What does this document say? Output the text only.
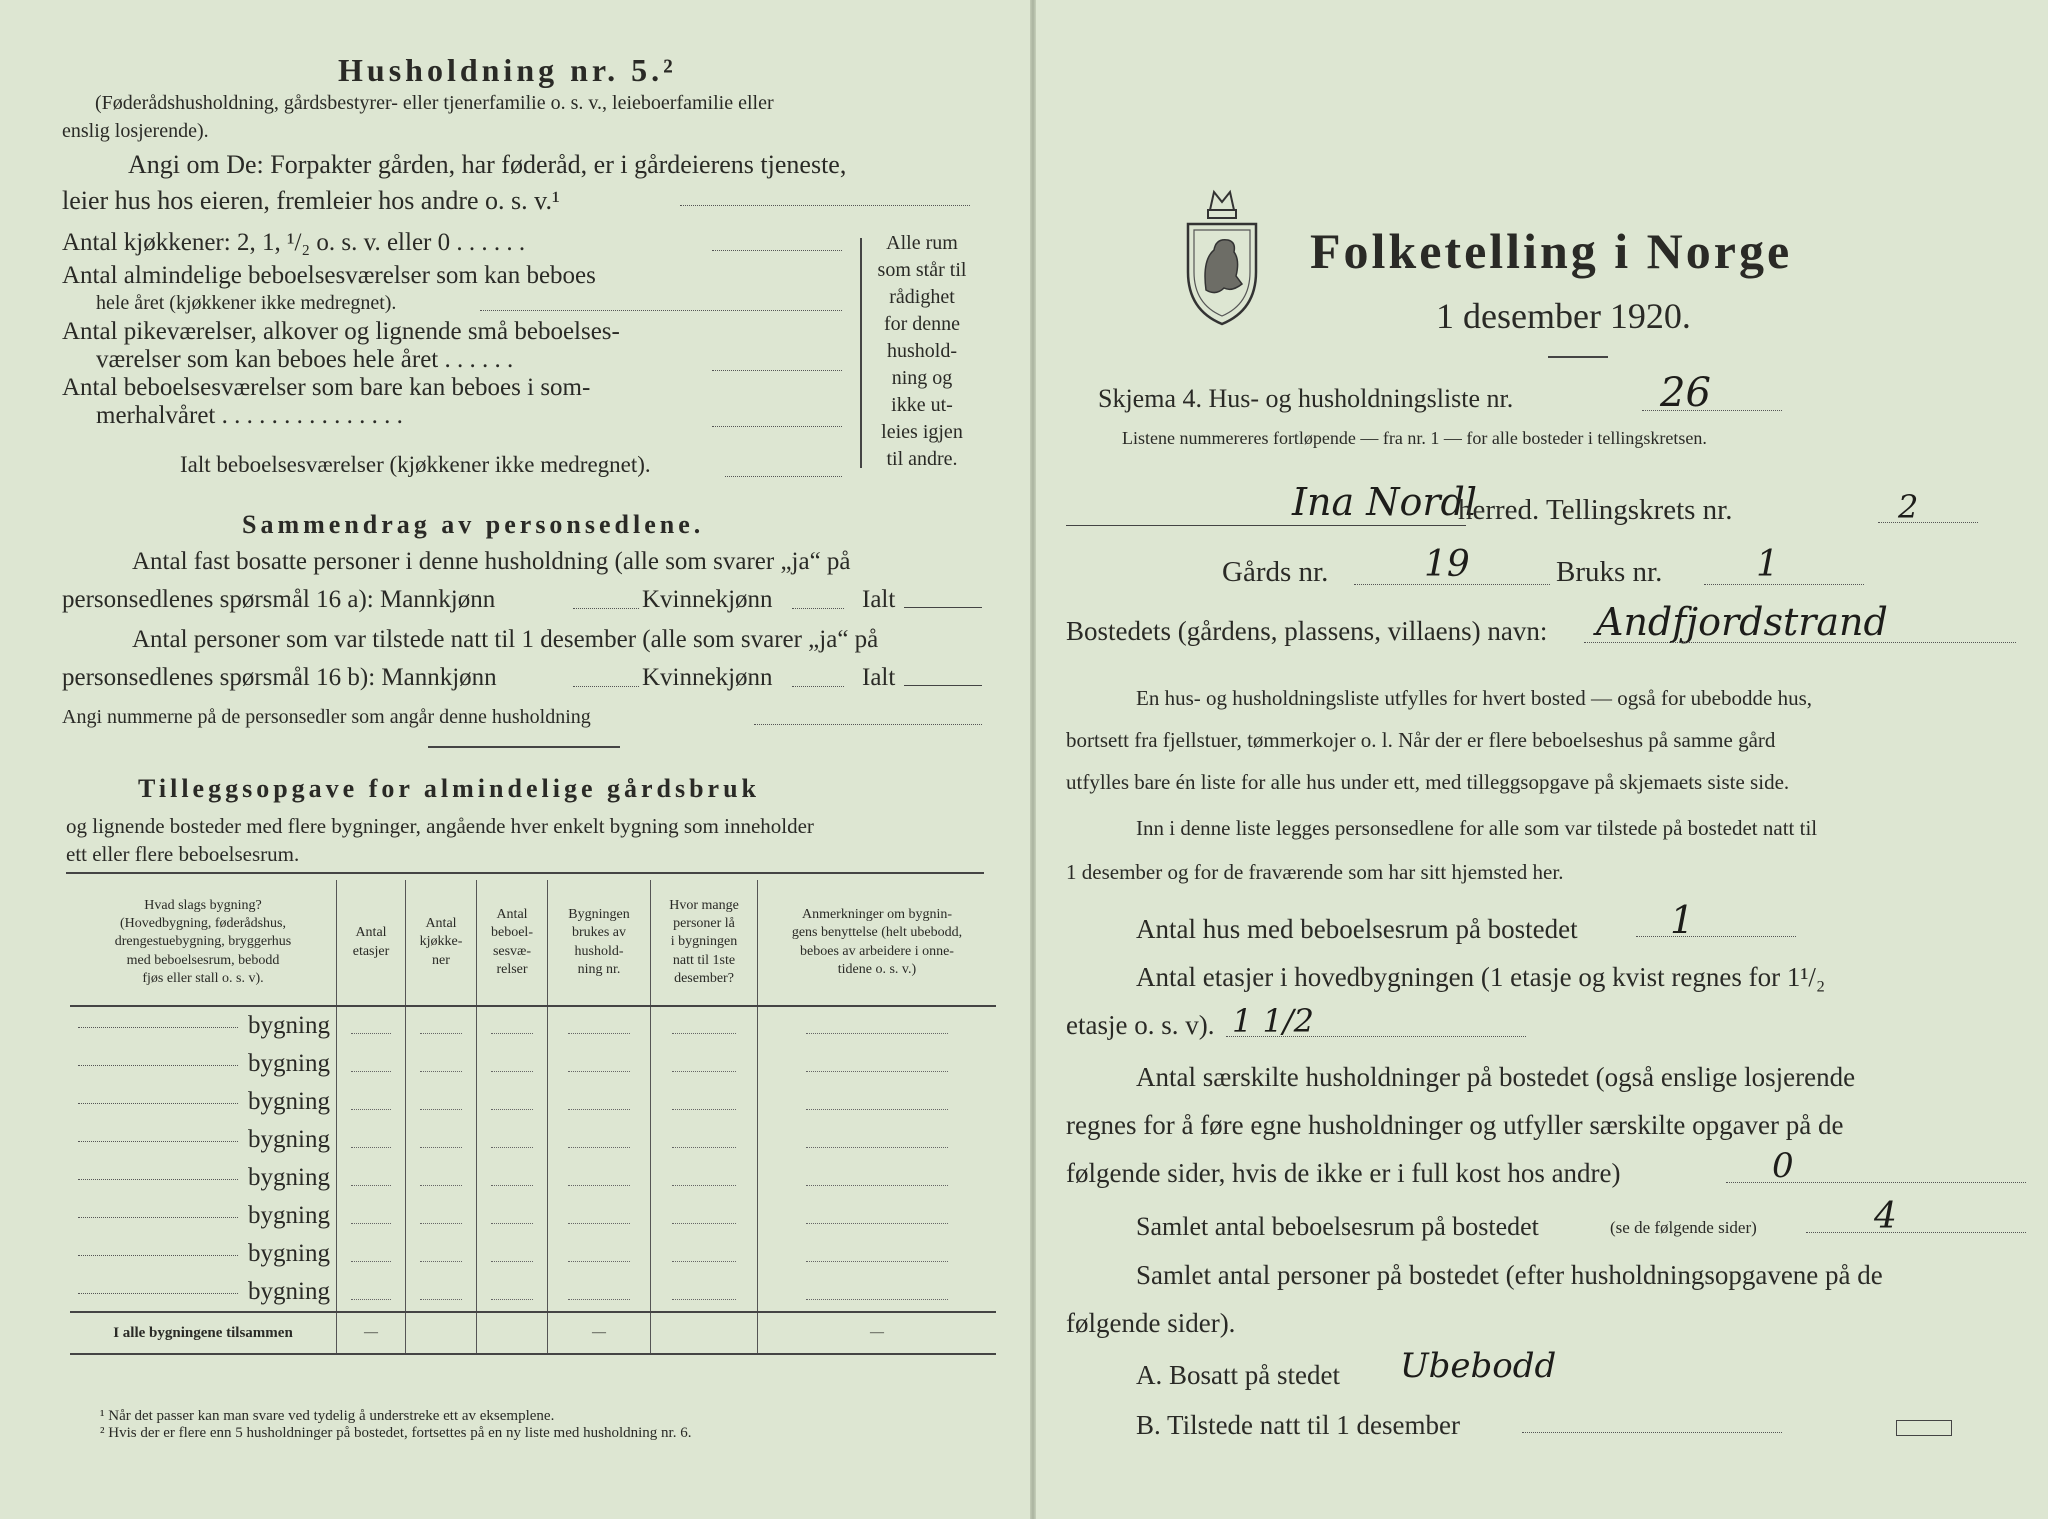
Husholdning nr. 5.²
(Føderådshusholdning, gårdsbestyrer- eller tjenerfamilie o. s. v., leieboerfamilie eller
enslig losjerende).
Angi om De: Forpakter gården, har føderåd, er i gårdeierens tjeneste,
leier hus hos eieren, fremleier hos andre o. s. v.¹
Antal kjøkkener: 2, 1, ¹/₂ o. s. v. eller 0 . . . . . .
Antal almindelige beboelsesværelser som kan beboes
hele året (kjøkkener ikke medregnet).
Antal pikeværelser, alkover og lignende små beboelses-
værelser som kan beboes hele året . . . . . .
Antal beboelsesværelser som bare kan beboes i som-
merhalvåret . . . . . . . . . . . . . . .
Ialt beboelsesværelser (kjøkkener ikke medregnet).
Alle rum
som står til
rådighet
for denne
hushold-
ning og
ikke ut-
leies igjen
til andre.
Sammendrag av personsedlene.
Antal fast bosatte personer i denne husholdning (alle som svarer „ja“ på
personsedlenes spørsmål 16 a): Mannkjønn	Kvinnekjønn	Ialt
Antal personer som var tilstede natt til 1 desember (alle som svarer „ja“ på
personsedlenes spørsmål 16 b): Mannkjønn	Kvinnekjønn	Ialt
Angi nummerne på de personsedler som angår denne husholdning
Tilleggsopgave for almindelige gårdsbruk
og lignende bosteder med flere bygninger, angående hver enkelt bygning som inneholder
ett eller flere beboelsesrum.
Hvad slags bygning?
(Hovedbygning, føderådshus,
drengestuebygning, bryggerhus
med beboelsesrum, bebodd
fjøs eller stall o. s. v).	Antal
etasjer	Antal
kjøkke-
ner	Antal
beboel-
sesvæ-
relser	Bygningen
brukes av
hushold-
ning nr.	Hvor mange
personer lå
i bygningen
natt til 1ste
desember?	Anmerkninger om bygnin-
gens benyttelse (helt ubebodd,
beboes av arbeidere i onne-
tidene o. s. v.)
bygning	

bygning	

bygning	

bygning	

bygning	

bygning	

bygning	

bygning	

I alle bygningene tilsammen	—			—		—
¹ Når det passer kan man svare ved tydelig å understreke ett av eksemplene.
² Hvis der er flere enn 5 husholdninger på bostedet, fortsettes på en ny liste med husholdning nr. 6.
Folketelling i Norge
1 desember 1920.
Skjema 4. Hus- og husholdningsliste nr.	26
Listene nummereres fortløpende — fra nr. 1 — for alle bosteder i tellingskretsen.
Ina Nordl
herred. Tellingskrets nr.	2
Gårds nr.	19	Bruks nr.	1
Bostedets (gårdens, plassens, villaens) navn: Andfjordstrand
En hus- og husholdningsliste utfylles for hvert bosted — også for ubebodde hus,
bortsett fra fjellstuer, tømmerkojer o. l. Når der er flere beboelseshus på samme gård
utfylles bare én liste for alle hus under ett, med tilleggsopgave på skjemaets siste side.
Inn i denne liste legges personsedlene for alle som var tilstede på bostedet natt til
1 desember og for de fraværende som har sitt hjemsted her.
Antal hus med beboelsesrum på bostedet 1
Antal etasjer i hovedbygningen (1 etasje og kvist regnes for 1¹/₂
etasje o. s. v). 1 1/2
Antal særskilte husholdninger på bostedet (også enslige losjerende
regnes for å føre egne husholdninger og utfyller særskilte opgaver på de
følgende sider, hvis de ikke er i full kost hos andre)	0
Samlet antal beboelsesrum på bostedet	(se de følgende sider)	4
Samlet antal personer på bostedet (efter husholdningsopgavene på de
følgende sider).
A. Bosatt på stedet Ubebodd
B. Tilstede natt til 1 desember
